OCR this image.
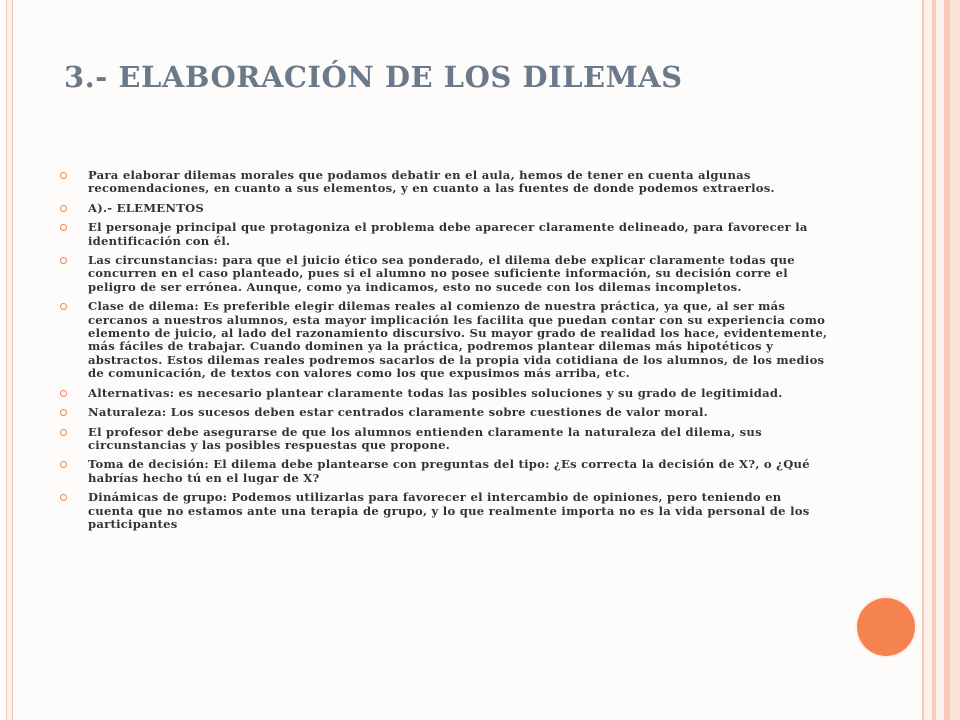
3.- ELABORACIÓN DE LOS DILEMAS
Para elaborar dilemas morales que podamos debatir en el aula, hemos de tener en cuenta algunas recomendaciones, en cuanto a sus elementos, y en cuanto a las fuentes de donde podemos extraerlos.
A).- ELEMENTOS
El personaje principal que protagoniza el problema debe aparecer claramente delineado, para favorecer la identificación con él.
Las circunstancias: para que el juicio ético sea ponderado, el dilema debe explicar claramente todas que concurren en el caso planteado, pues si el alumno no posee suficiente información, su decisión corre el peligro de ser errónea. Aunque, como ya indicamos, esto no sucede con los dilemas incompletos.
Clase de dilema: Es preferible elegir dilemas reales al comienzo de nuestra práctica, ya que, al ser más cercanos a nuestros alumnos, esta mayor implicación les facilita que puedan contar con su experiencia como elemento de juicio, al lado del razonamiento discursivo. Su mayor grado de realidad los hace, evidentemente, más fáciles de trabajar. Cuando dominen ya la práctica, podremos plantear dilemas más hipotéticos y abstractos. Estos dilemas reales podremos sacarlos de la propia vida cotidiana de los alumnos, de los medios de comunicación, de textos con valores como los que expusimos más arriba, etc.
Alternativas: es necesario plantear claramente todas las posibles soluciones y su grado de legitimidad.
Naturaleza: Los sucesos deben estar centrados claramente sobre cuestiones de valor moral.
El profesor debe asegurarse de que los alumnos entienden claramente la naturaleza del dilema, sus circunstancias y las posibles respuestas que propone.
Toma de decisión: El dilema debe plantearse con preguntas del tipo: ¿Es correcta la decisión de X?, o ¿Qué habrías hecho tú en el lugar de X?
Dinámicas de grupo: Podemos utilizarlas para favorecer el intercambio de opiniones, pero teniendo en cuenta que no estamos ante una terapia de grupo, y lo que realmente importa no es la vida personal de los participantes
